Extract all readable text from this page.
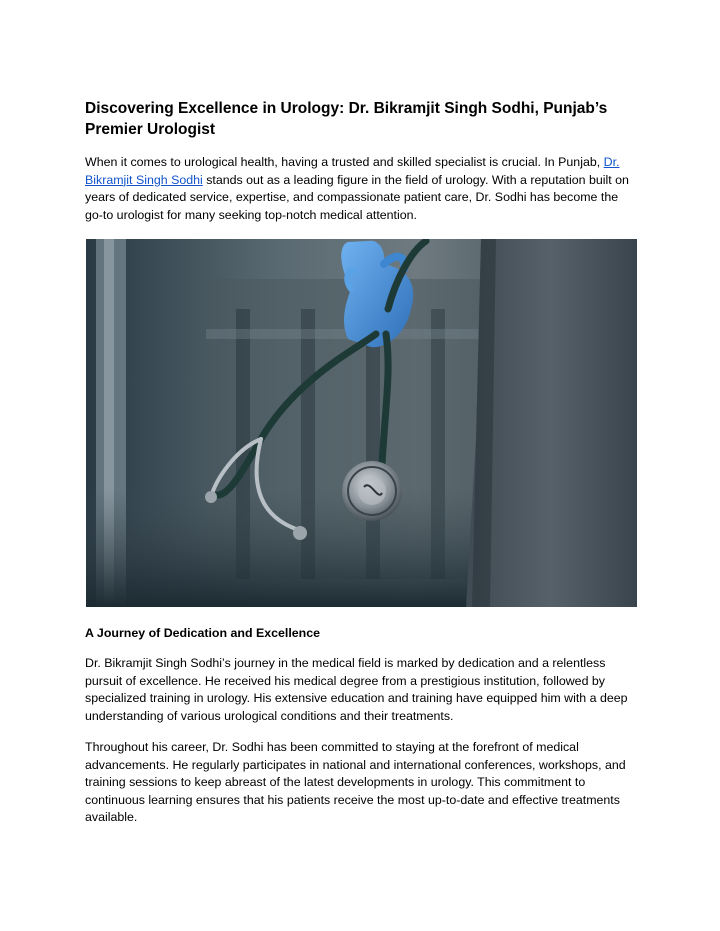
Discovering Excellence in Urology: Dr. Bikramjit Singh Sodhi, Punjab’s Premier Urologist

When it comes to urological health, having a trusted and skilled specialist is crucial. In Punjab, Dr. Bikramjit Singh Sodhi stands out as a leading figure in the field of urology. With a reputation built on years of dedicated service, expertise, and compassionate patient care, Dr. Sodhi has become the go-to urologist for many seeking top-notch medical attention.

A Journey of Dedication and Excellence

Dr. Bikramjit Singh Sodhi’s journey in the medical field is marked by dedication and a relentless pursuit of excellence. He received his medical degree from a prestigious institution, followed by specialized training in urology. His extensive education and training have equipped him with a deep understanding of various urological conditions and their treatments.

Throughout his career, Dr. Sodhi has been committed to staying at the forefront of medical advancements. He regularly participates in national and international conferences, workshops, and training sessions to keep abreast of the latest developments in urology. This commitment to continuous learning ensures that his patients receive the most up-to-date and effective treatments available.
